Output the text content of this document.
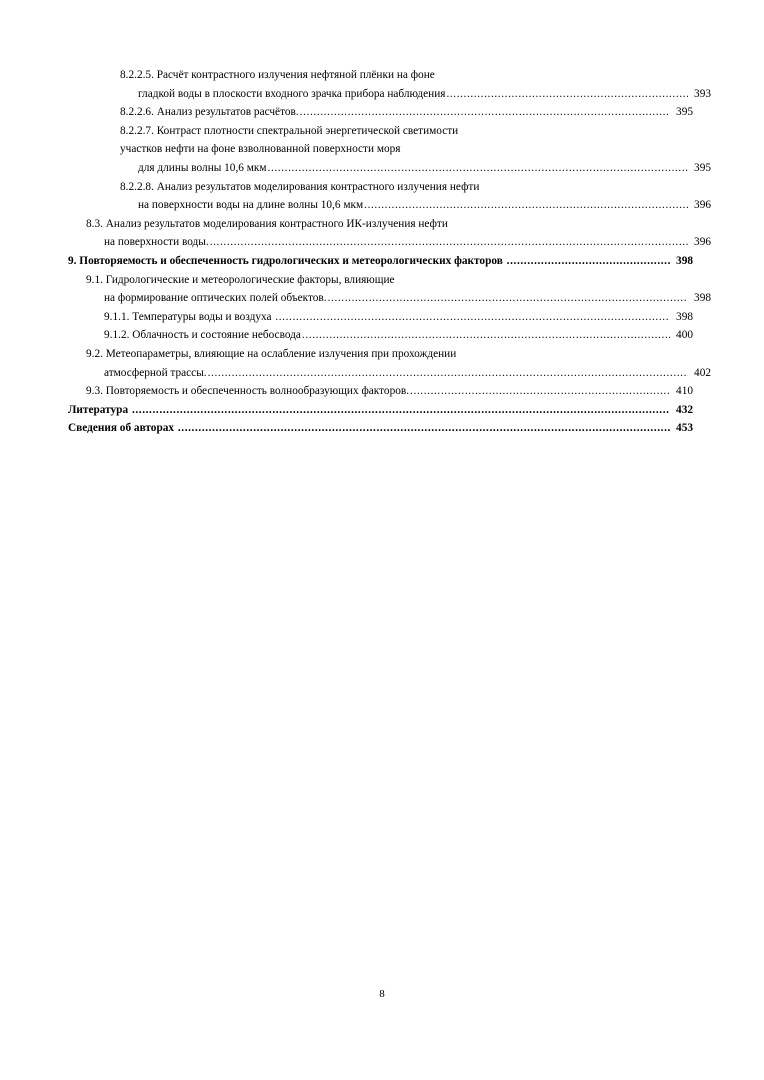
8.2.2.5. Расчёт контрастного излучения нефтяной плёнки на фоне
гладкой воды в плоскости входного зрачка прибора наблюдения .....	393
8.2.2.6. Анализ результатов расчётов. .....	395
8.2.2.7. Контраст плотности спектральной энергетической светимости
участков нефти на фоне взволнованной поверхности моря
для длины волны 10,6 мкм .....	395
8.2.2.8. Анализ результатов моделирования контрастного излучения нефти
на поверхности воды на длине волны 10,6 мкм .....	396
8.3. Анализ результатов моделирования контрастного ИК-излучения нефти
на поверхности воды. .....	396
9. Повторяемость и обеспеченность гидрологических и метеорологических факторов .....	398
9.1. Гидрологические и метеорологические факторы, влияющие
на формирование оптических полей объектов. .....	398
9.1.1. Температуры воды и воздуха .....	398
9.1.2. Облачность и состояние небосвода .....	400
9.2. Метеопараметры, влияющие на ослабление излучения при прохождении
атмосферной трассы. .....	402
9.3. Повторяемость и обеспеченность волнообразующих факторов. .....	410
Литература .....	432
Сведения об авторах .....	453
8
